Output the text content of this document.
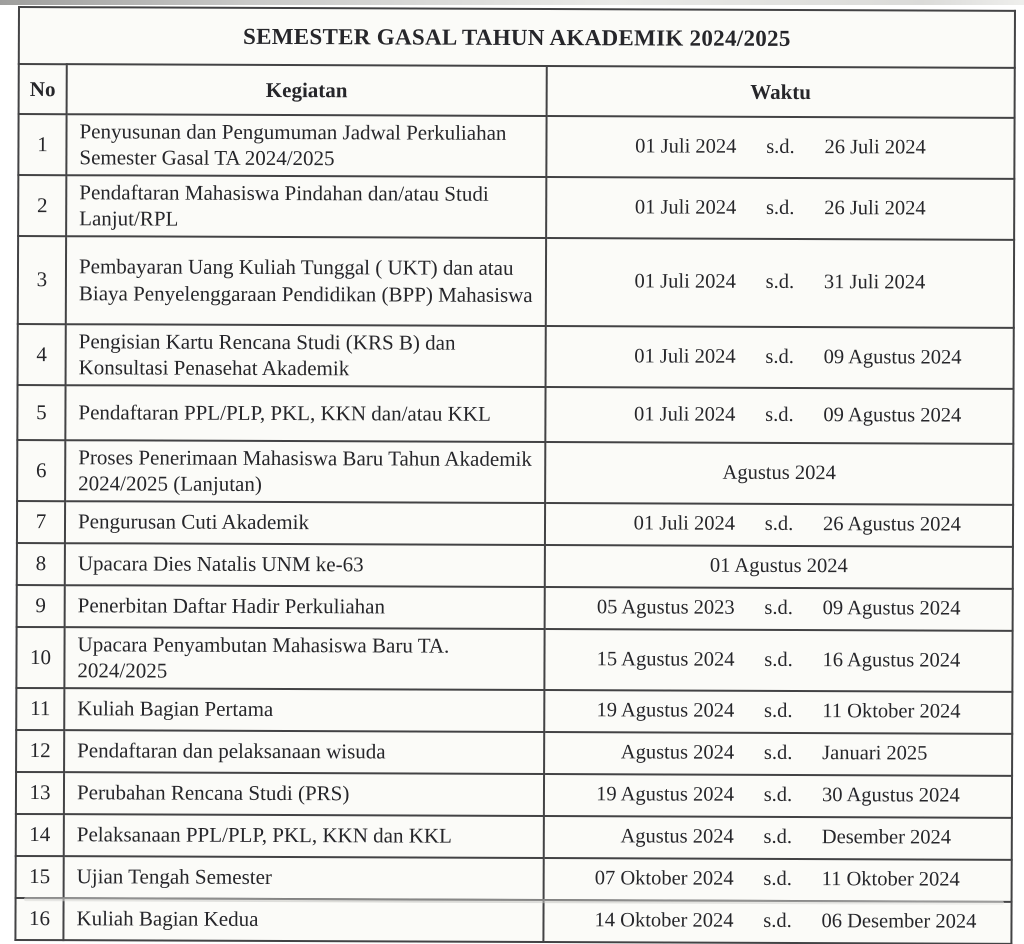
SEMESTER GASAL TAHUN AKADEMIK 2024/2025		
No	Kegiatan	Waktu
1	Penyusunan dan Pengumuman Jadwal Perkuliahan Semester Gasal TA 2024/2025	01 Juli 2024 s.d. 26 Juli 2024

2	Pendaftaran Mahasiswa Pindahan dan/atau Studi Lanjut/RPL	01 Juli 2024 s.d. 26 Juli 2024

3	Pembayaran Uang Kuliah Tunggal ( UKT) dan atau Biaya Penyelenggaraan Pendidikan (BPP) Mahasiswa	01 Juli 2024 s.d. 31 Juli 2024

4	Pengisian Kartu Rencana Studi (KRS B) dan Konsultasi Penasehat Akademik	01 Juli 2024 s.d. 09 Agustus 2024

5	Pendaftaran PPL/PLP, PKL, KKN dan/atau KKL	01 Juli 2024 s.d. 09 Agustus 2024

6	Proses Penerimaan Mahasiswa Baru Tahun Akademik 2024/2025 (Lanjutan)	Agustus 2024

7	Pengurusan Cuti Akademik	01 Juli 2024 s.d. 26 Agustus 2024

8	Upacara Dies Natalis UNM ke-63	01 Agustus 2024

9	Penerbitan Daftar Hadir Perkuliahan	05 Agustus 2023 s.d. 09 Agustus 2024

10	Upacara Penyambutan Mahasiswa Baru TA. 2024/2025	15 Agustus 2024 s.d. 16 Agustus 2024

11	Kuliah Bagian Pertama	19 Agustus 2024 s.d. 11 Oktober 2024

12	Pendaftaran dan pelaksanaan wisuda	Agustus 2024 s.d. Januari 2025

13	Perubahan Rencana Studi (PRS)	19 Agustus 2024 s.d. 30 Agustus 2024

14	Pelaksanaan PPL/PLP, PKL, KKN dan KKL	Agustus 2024 s.d. Desember 2024

15	Ujian Tengah Semester	07 Oktober 2024 s.d. 11 Oktober 2024

16	Kuliah Bagian Kedua	14 Oktober 2024 s.d. 06 Desember 2024
